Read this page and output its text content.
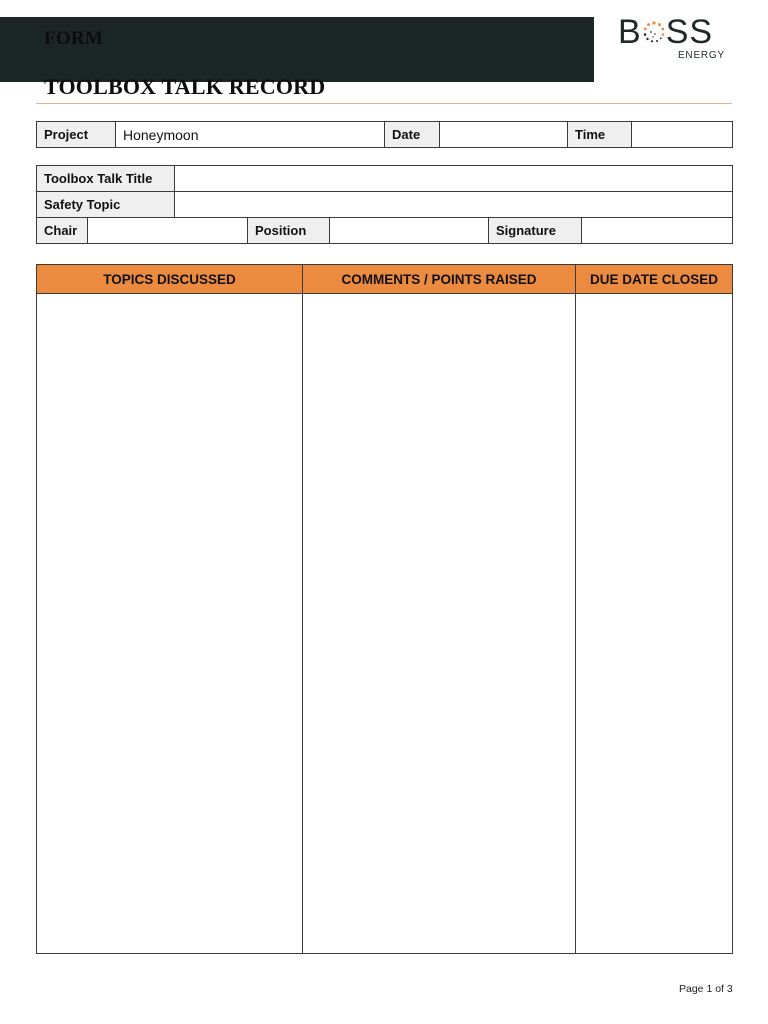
FORM
TOOLBOX TALK RECORD
B SS
ENERGY
Project	Honeymoon	Date		Time	
Toolbox Talk Title						
Safety Topic						
Chair			Position		Signature	
TOPICS DISCUSSED	COMMENTS / POINTS RAISED	DUE DATE CLOSED

Page 1 of 3
